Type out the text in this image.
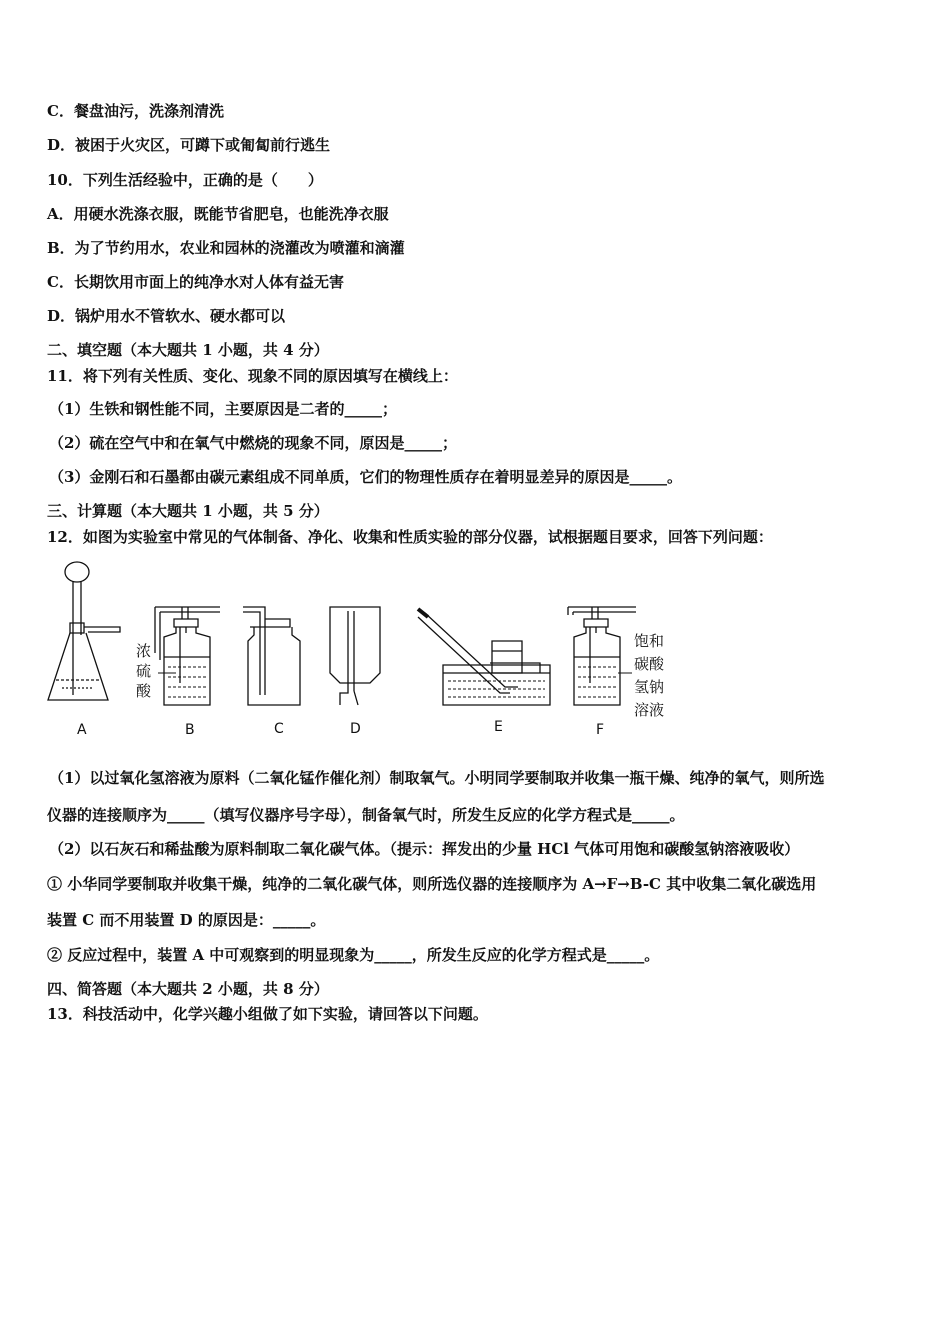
C．餐盘油污，洗涤剂清洗
D．被困于火灾区，可蹲下或匍匐前行逃生
10．下列生活经验中，正确的是（　　）
A．用硬水洗涤衣服，既能节省肥皂，也能洗净衣服
B．为了节约用水，农业和园林的浇灌改为喷灌和滴灌
C．长期饮用市面上的纯净水对人体有益无害
D．锅炉用水不管软水、硬水都可以
二、填空题（本大题共 1 小题，共 4 分）
11．将下列有关性质、变化、现象不同的原因填写在横线上：
（1）生铁和钢性能不同，主要原因是二者的_____；
（2）硫在空气中和在氧气中燃烧的现象不同，原因是_____；
（3）金刚石和石墨都由碳元素组成不同单质，它们的物理性质存在着明显差异的原因是_____。
三、计算题（本大题共 1 小题，共 5 分）
12．如图为实验室中常见的气体制备、净化、收集和性质实验的部分仪器，试根据题目要求，回答下列问题：
浓
硫
酸
饱和
碳酸
氢钠
溶液
A	B	C	D	E	F
（1）以过氧化氢溶液为原料（二氧化锰作催化剂）制取氧气。小明同学要制取并收集一瓶干燥、纯净的氧气，则所选
仪器的连接顺序为_____（填写仪器序号字母），制备氧气时，所发生反应的化学方程式是_____。
（2）以石灰石和稀盐酸为原料制取二氧化碳气体。（提示：挥发出的少量 HCl 气体可用饱和碳酸氢钠溶液吸收）
① 小华同学要制取并收集干燥，纯净的二氧化碳气体，则所选仪器的连接顺序为 A→F→B-C 其中收集二氧化碳选用
装置 C 而不用装置 D 的原因是：_____。
② 反应过程中，装置 A 中可观察到的明显现象为_____，所发生反应的化学方程式是_____。
四、简答题（本大题共 2 小题，共 8 分）
13．科技活动中，化学兴趣小组做了如下实验，请回答以下问题。
